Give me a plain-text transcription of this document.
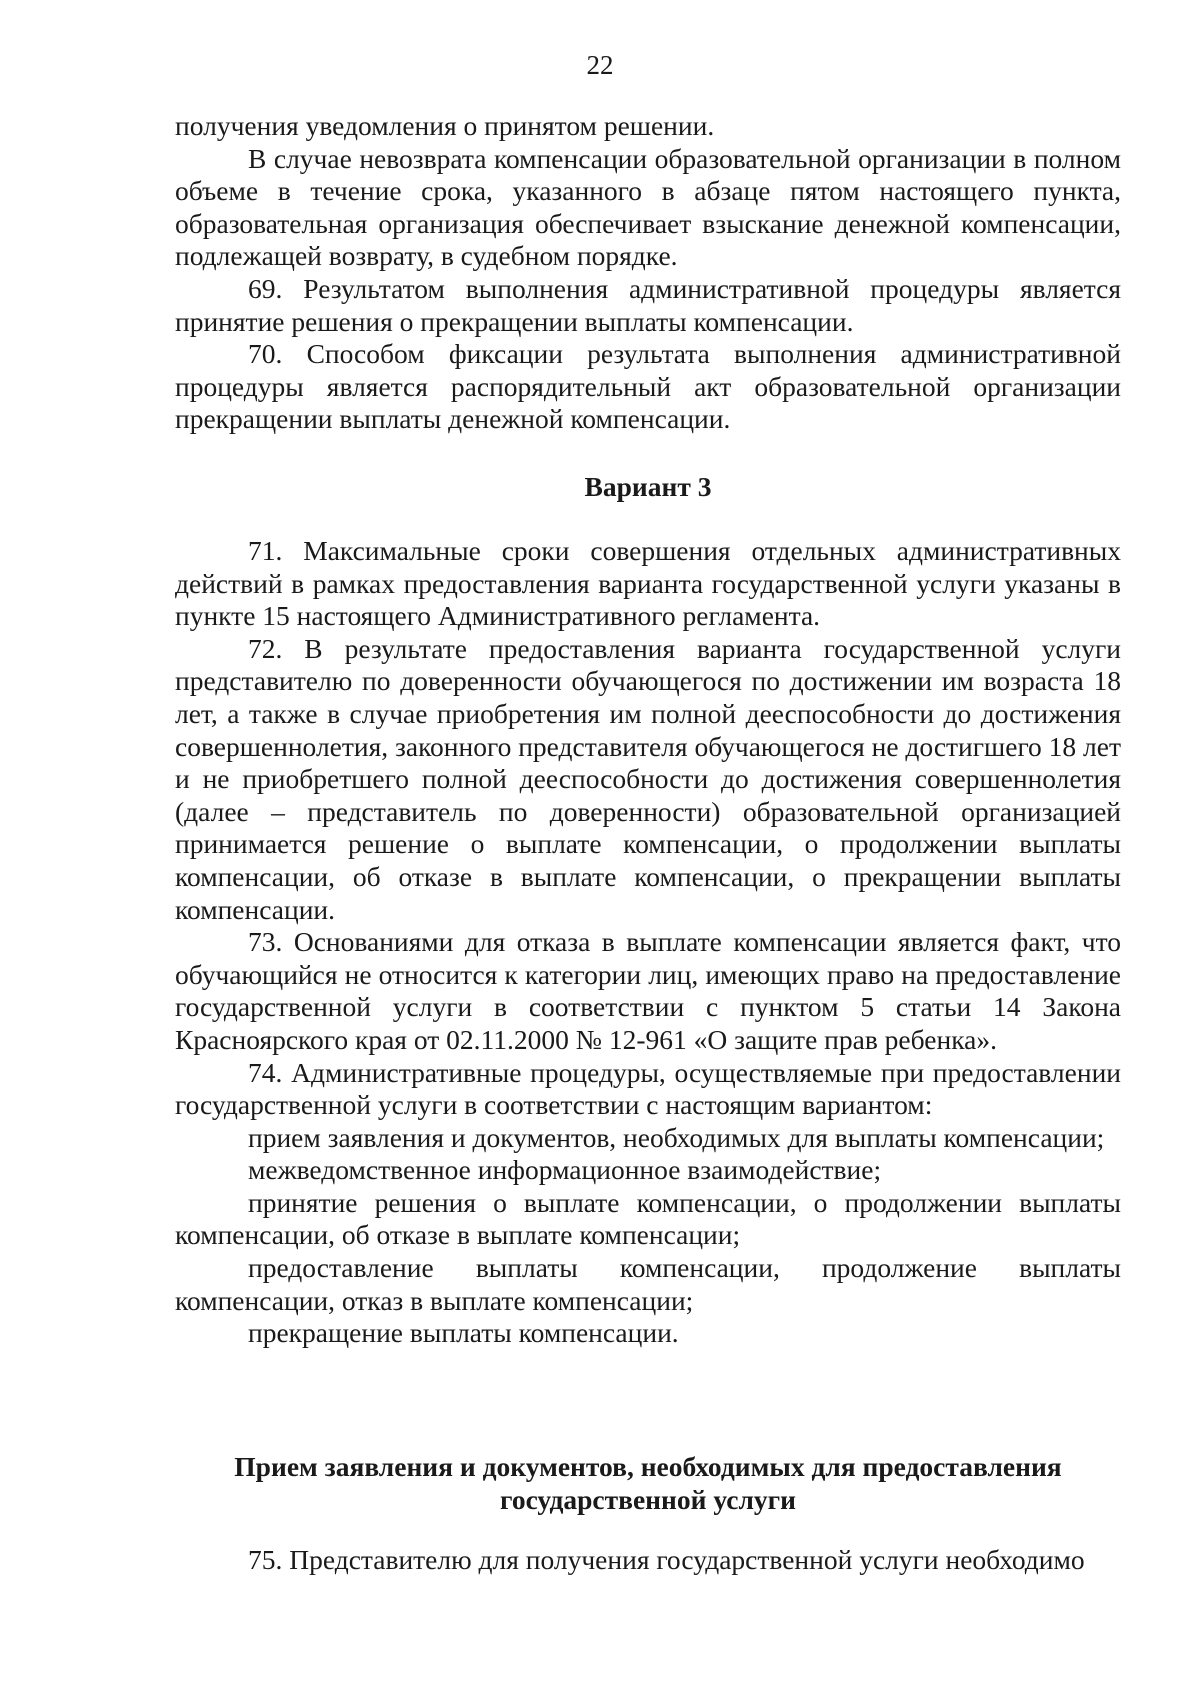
22

получения уведомления о принятом решении.

В случае невозврата компенсации образовательной организации в полном объеме в течение срока, указанного в абзаце пятом настоящего пункта, образовательная организация обеспечивает взыскание денежной компенсации, подлежащей возврату, в судебном порядке.

69. Результатом выполнения административной процедуры является принятие решения о прекращении выплаты компенсации.

70. Способом фиксации результата выполнения административной процедуры является распорядительный акт образовательной организации прекращении выплаты денежной компенсации.

Вариант 3

71. Максимальные сроки совершения отдельных административных действий в рамках предоставления варианта государственной услуги указаны в пункте 15 настоящего Административного регламента.

72. В результате предоставления варианта государственной услуги представителю по доверенности обучающегося по достижении им возраста 18 лет, а также в случае приобретения им полной дееспособности до достижения совершеннолетия, законного представителя обучающегося не достигшего 18 лет и не приобретшего полной дееспособности до достижения совершеннолетия (далее – представитель по доверенности) образовательной организацией принимается решение о выплате компенсации, о продолжении выплаты компенсации, об отказе в выплате компенсации, о прекращении выплаты компенсации.

73. Основаниями для отказа в выплате компенсации является факт, что обучающийся не относится к категории лиц, имеющих право на предоставление государственной услуги в соответствии с пунктом 5 статьи 14 Закона Красноярского края от 02.11.2000 № 12-961 «О защите прав ребенка».

74. Административные процедуры, осуществляемые при предоставлении государственной услуги в соответствии с настоящим вариантом:

прием заявления и документов, необходимых для выплаты компенсации;

межведомственное информационное взаимодействие;

принятие решения о выплате компенсации, о продолжении выплаты компенсации, об отказе в выплате компенсации;

предоставление выплаты компенсации, продолжение выплаты компенсации, отказ в выплате компенсации;

прекращение выплаты компенсации.

Прием заявления и документов, необходимых для предоставления

государственной услуги

75. Представителю для получения государственной услуги необходимо
